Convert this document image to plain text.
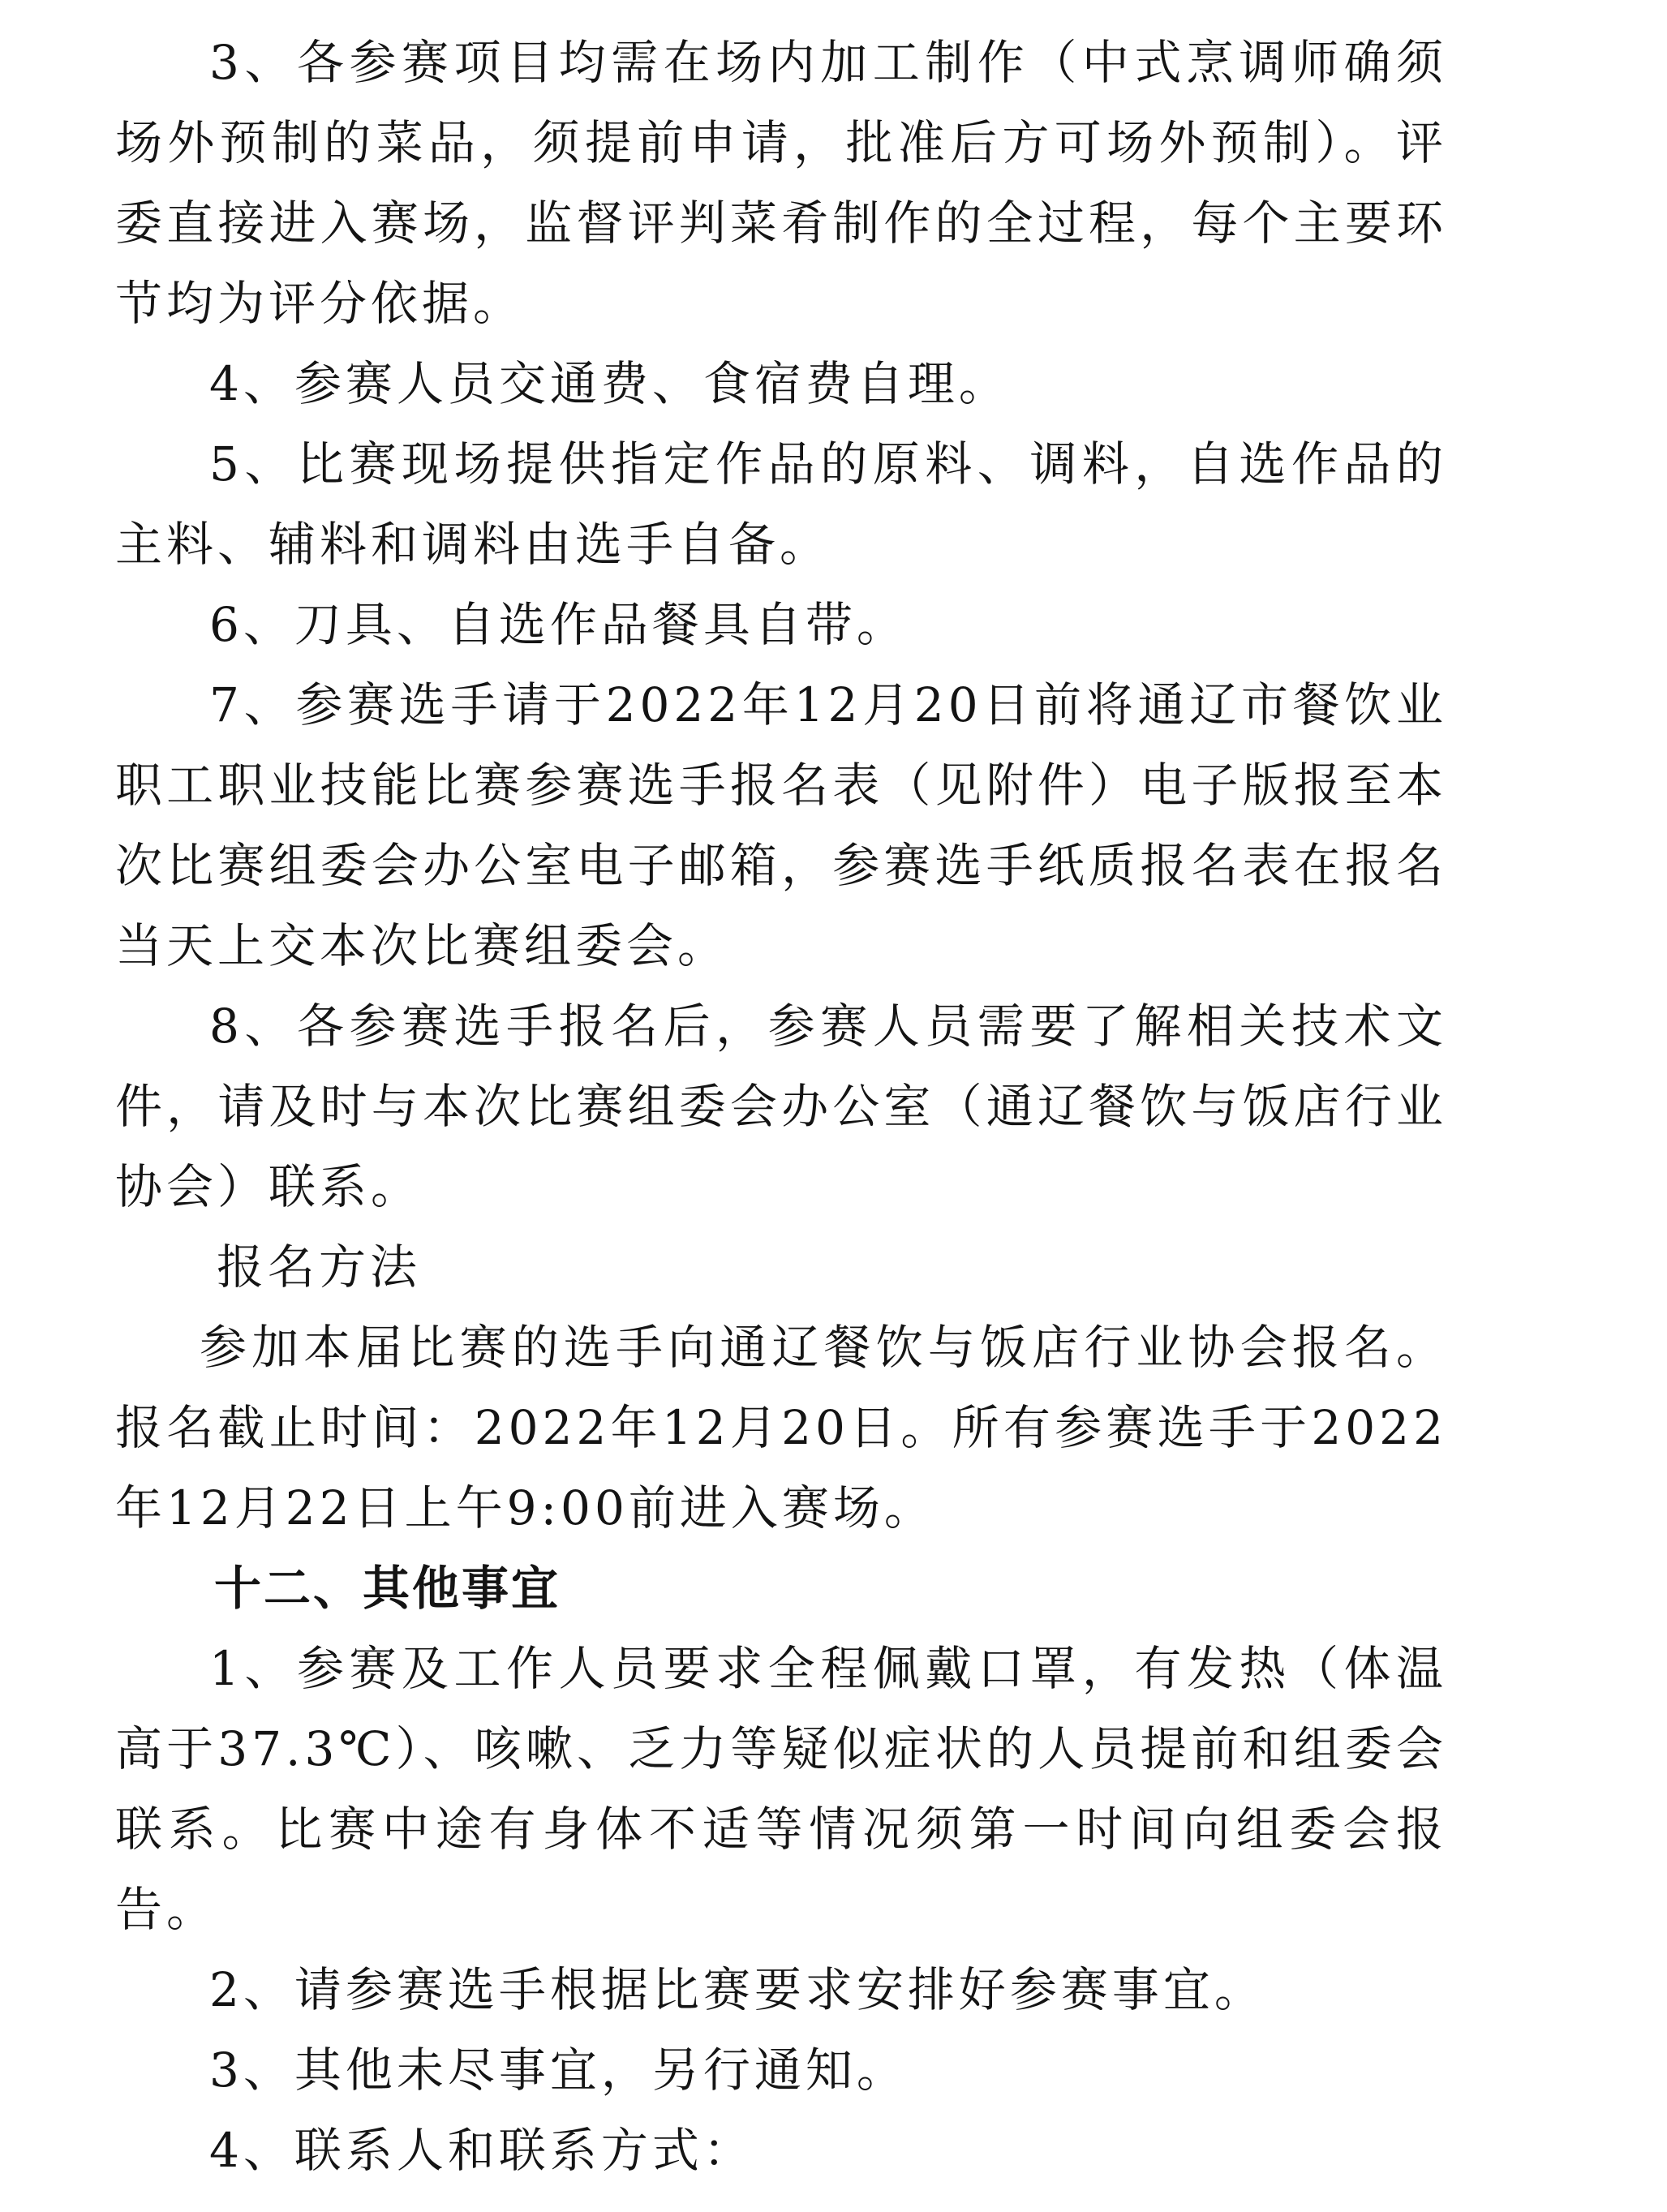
3、各参赛项目均需在场内加工制作（中式烹调师确须场外预制的菜品，须提前申请，批准后方可场外预制）。评委直接进入赛场，监督评判菜肴制作的全过程，每个主要环节均为评分依据。

4、参赛人员交通费、食宿费自理。

5、比赛现场提供指定作品的原料、调料，自选作品的主料、辅料和调料由选手自备。

6、刀具、自选作品餐具自带。

7、参赛选手请于2022年12月20日前将通辽市餐饮业职工职业技能比赛参赛选手报名表（见附件）电子版报至本次比赛组委会办公室电子邮箱，参赛选手纸质报名表在报名当天上交本次比赛组委会。

8、各参赛选手报名后，参赛人员需要了解相关技术文件，请及时与本次比赛组委会办公室（通辽餐饮与饭店行业协会）联系。

报名方法

参加本届比赛的选手向通辽餐饮与饭店行业协会报名。报名截止时间：2022年12月20日。所有参赛选手于2022年12月22日上午9:00前进入赛场。

十二、其他事宜

1、参赛及工作人员要求全程佩戴口罩，有发热（体温高于37.3℃）、咳嗽、乏力等疑似症状的人员提前和组委会联系。比赛中途有身体不适等情况须第一时间向组委会报告。

2、请参赛选手根据比赛要求安排好参赛事宜。

3、其他未尽事宜，另行通知。

4、联系人和联系方式：
